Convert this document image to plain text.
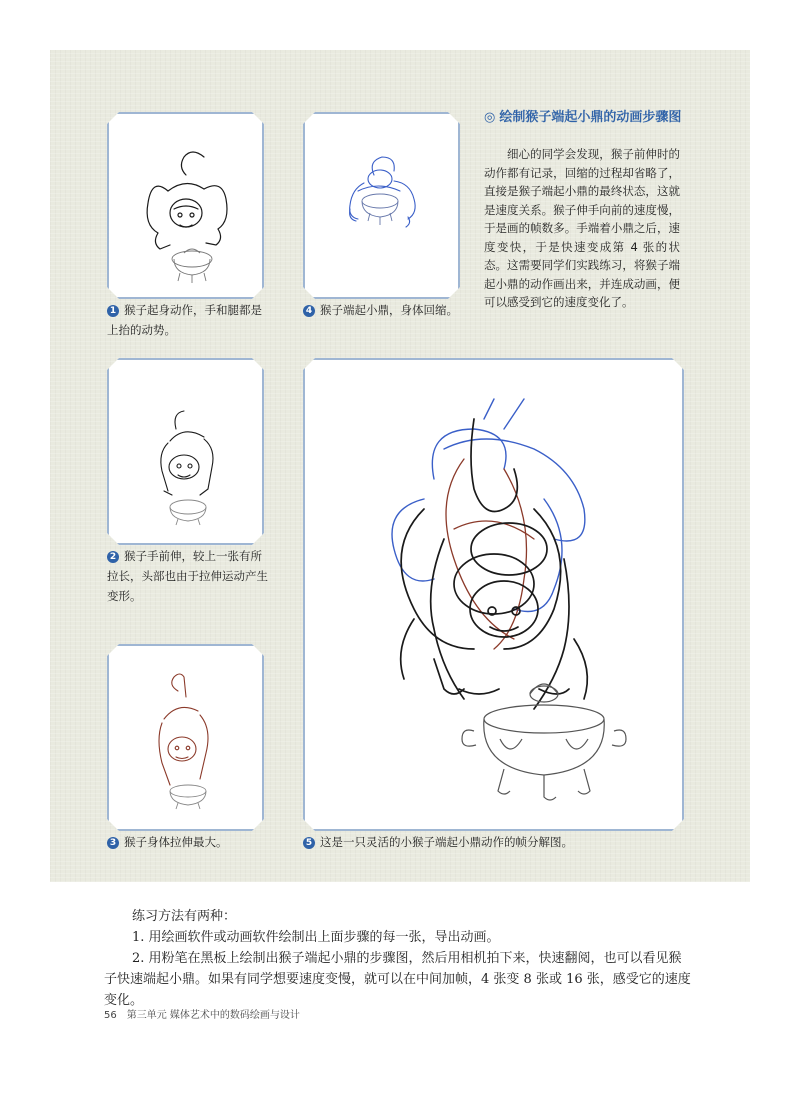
1 猴子起身动作，手和腿都是上抬的动势。
4 猴子端起小鼎，身体回缩。
◎ 绘制猴子端起小鼎的动画步骤图
细心的同学会发现，猴子前伸时的动作都有记录，回缩的过程却省略了，直接是猴子端起小鼎的最终状态，这就是速度关系。猴子伸手向前的速度慢，于是画的帧数多。手端着小鼎之后，速度变快，于是快速变成第 4 张的状态。这需要同学们实践练习，将猴子端起小鼎的动作画出来，并连成动画，便可以感受到它的速度变化了。
2 猴子手前伸，较上一张有所拉长，头部也由于拉伸运动产生变形。
5 这是一只灵活的小猴子端起小鼎动作的帧分解图。
3 猴子身体拉伸最大。
练习方法有两种：
1. 用绘画软件或动画软件绘制出上面步骤的每一张，导出动画。
2. 用粉笔在黑板上绘制出猴子端起小鼎的步骤图，然后用相机拍下来，快速翻阅，也可以看见猴子快速端起小鼎。如果有同学想要速度变慢，就可以在中间加帧，4 张变 8 张或 16 张，感受它的速度变化。
56 第三单元 媒体艺术中的数码绘画与设计
